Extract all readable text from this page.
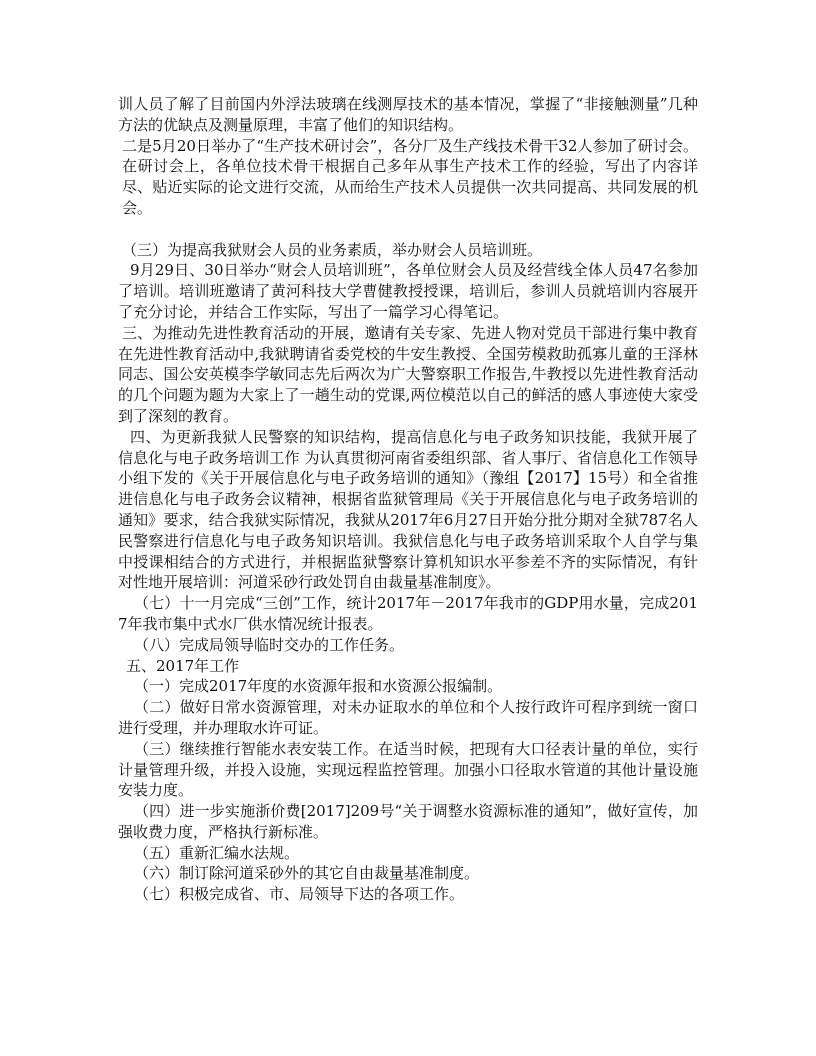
训人员了解了目前国内外浮法玻璃在线测厚技术的基本情况，掌握了“非接触测量”几种方法的优缺点及测量原理，丰富了他们的知识结构。

二是5月20日举办了“生产技术研讨会”，各分厂及生产线技术骨干32人参加了研讨会。在研讨会上，各单位技术骨干根据自己多年从事生产技术工作的经验，写出了内容详尽、贴近实际的论文进行交流，从而给生产技术人员提供一次共同提高、共同发展的机会。

（三）为提高我狱财会人员的业务素质，举办财会人员培训班。

9月29日、30日举办“财会人员培训班”，各单位财会人员及经营线全体人员47名参加了培训。培训班邀请了黄河科技大学曹健教授授课，培训后，参训人员就培训内容展开了充分讨论，并结合工作实际，写出了一篇学习心得笔记。

三、为推动先进性教育活动的开展，邀请有关专家、先进人物对党员干部进行集中教育在先进性教育活动中,我狱聘请省委党校的牛安生教授、全国劳模救助孤寡儿童的王泽林同志、国公安英模李学敏同志先后两次为广大警察职工作报告,牛教授以先进性教育活动的几个问题为题为大家上了一趟生动的党课,两位模范以自己的鲜活的感人事迹使大家受到了深刻的教育。

四、为更新我狱人民警察的知识结构，提高信息化与电子政务知识技能，我狱开展了信息化与电子政务培训工作 为认真贯彻河南省委组织部、省人事厅、省信息化工作领导小组下发的《关于开展信息化与电子政务培训的通知》（豫组【2017】15号）和全省推进信息化与电子政务会议精神，根据省监狱管理局《关于开展信息化与电子政务培训的通知》要求，结合我狱实际情况，我狱从2017年6月27日开始分批分期对全狱787名人民警察进行信息化与电子政务知识培训。我狱信息化与电子政务培训采取个人自学与集中授课相结合的方式进行，并根据监狱警察计算机知识水平参差不齐的实际情况，有针对性地开展培训：河道采砂行政处罚自由裁量基准制度》。

（七）十一月完成“三创”工作，统计2017年－2017年我市的GDP用水量，完成2017年我市集中式水厂供水情况统计报表。

（八）完成局领导临时交办的工作任务。

五、2017年工作

（一）完成2017年度的水资源年报和水资源公报编制。

（二）做好日常水资源管理，对未办证取水的单位和个人按行政许可程序到统一窗口进行受理，并办理取水许可证。

（三）继续推行智能水表安装工作。在适当时候，把现有大口径表计量的单位，实行计量管理升级，并投入设施，实现远程监控管理。加强小口径取水管道的其他计量设施安装力度。

（四）进一步实施浙价费[2017]209号“关于调整水资源标准的通知”，做好宣传，加强收费力度，严格执行新标准。

（五）重新汇编水法规。

（六）制订除河道采砂外的其它自由裁量基准制度。

（七）积极完成省、市、局领导下达的各项工作。
